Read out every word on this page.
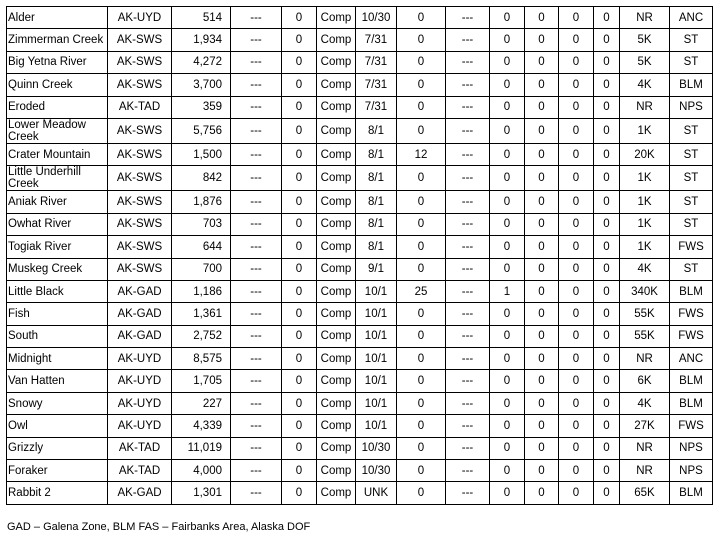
Alder	AK-UYD	514	---	0	Comp	10/30	0	---	0	0	0	0	NR	ANC
Zimmerman Creek	AK-SWS	1,934	---	0	Comp	7/31	0	---	0	0	0	0	5K	ST
Big Yetna River	AK-SWS	4,272	---	0	Comp	7/31	0	---	0	0	0	0	5K	ST
Quinn Creek	AK-SWS	3,700	---	0	Comp	7/31	0	---	0	0	0	0	4K	BLM
Eroded	AK-TAD	359	---	0	Comp	7/31	0	---	0	0	0	0	NR	NPS
Lower Meadow Creek	AK-SWS	5,756	---	0	Comp	8/1	0	---	0	0	0	0	1K	ST
Crater Mountain	AK-SWS	1,500	---	0	Comp	8/1	12	---	0	0	0	0	20K	ST
Little Underhill Creek	AK-SWS	842	---	0	Comp	8/1	0	---	0	0	0	0	1K	ST
Aniak River	AK-SWS	1,876	---	0	Comp	8/1	0	---	0	0	0	0	1K	ST
Owhat River	AK-SWS	703	---	0	Comp	8/1	0	---	0	0	0	0	1K	ST
Togiak River	AK-SWS	644	---	0	Comp	8/1	0	---	0	0	0	0	1K	FWS
Muskeg Creek	AK-SWS	700	---	0	Comp	9/1	0	---	0	0	0	0	4K	ST
Little Black	AK-GAD	1,186	---	0	Comp	10/1	25	---	1	0	0	0	340K	BLM
Fish	AK-GAD	1,361	---	0	Comp	10/1	0	---	0	0	0	0	55K	FWS
South	AK-GAD	2,752	---	0	Comp	10/1	0	---	0	0	0	0	55K	FWS
Midnight	AK-UYD	8,575	---	0	Comp	10/1	0	---	0	0	0	0	NR	ANC
Van Hatten	AK-UYD	1,705	---	0	Comp	10/1	0	---	0	0	0	0	6K	BLM
Snowy	AK-UYD	227	---	0	Comp	10/1	0	---	0	0	0	0	4K	BLM
Owl	AK-UYD	4,339	---	0	Comp	10/1	0	---	0	0	0	0	27K	FWS
Grizzly	AK-TAD	11,019	---	0	Comp	10/30	0	---	0	0	0	0	NR	NPS
Foraker	AK-TAD	4,000	---	0	Comp	10/30	0	---	0	0	0	0	NR	NPS
Rabbit 2	AK-GAD	1,301	---	0	Comp	UNK	0	---	0	0	0	0	65K	BLM
GAD – Galena Zone, BLM FAS – Fairbanks Area, Alaska DOF
